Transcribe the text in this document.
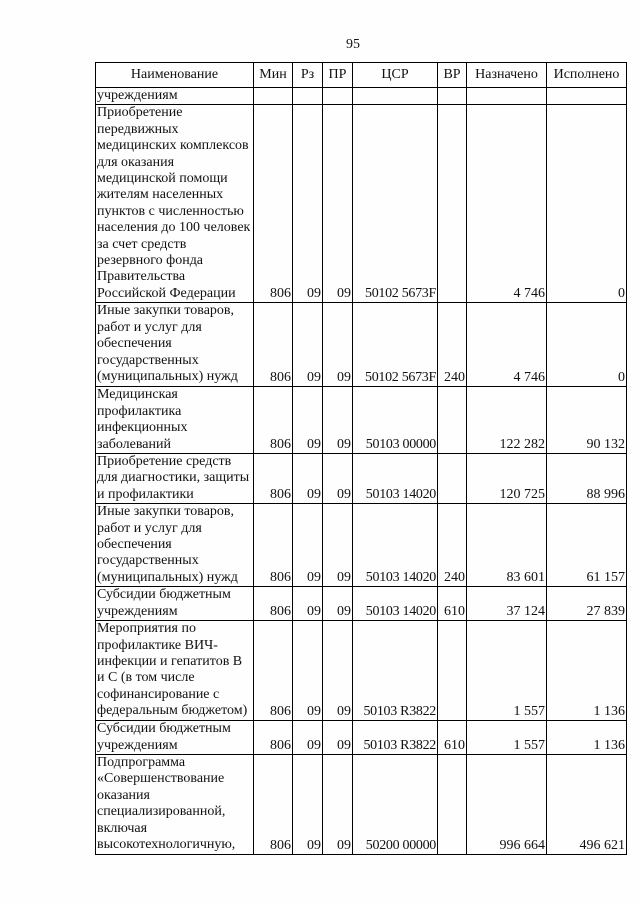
95
Наименование	Мин	Рз	ПР	ЦСР	ВР	Назначено	Исполнено
учреждениям							
Приобретение передвижных медицинских комплексов для оказания медицинской помощи жителям населенных пунктов с численностью населения до 100 человек за счет средств резервного фонда Правительства Российской Федерации	806	09	09	50102 5673F		4 746	0
Иные закупки товаров, работ и услуг для обеспечения государственных (муниципальных) нужд	806	09	09	50102 5673F	240	4 746	0
Медицинская профилактика инфекционных заболеваний	806	09	09	50103 00000		122 282	90 132
Приобретение средств для диагностики, защиты и профилактики	806	09	09	50103 14020		120 725	88 996
Иные закупки товаров, работ и услуг для обеспечения государственных (муниципальных) нужд	806	09	09	50103 14020	240	83 601	61 157
Субсидии бюджетным учреждениям	806	09	09	50103 14020	610	37 124	27 839
Мероприятия по профилактике ВИЧ-инфекции и гепатитов В и С (в том числе софинансирование с федеральным бюджетом)	806	09	09	50103 R3822		1 557	1 136
Субсидии бюджетным учреждениям	806	09	09	50103 R3822	610	1 557	1 136
Подпрограмма «Совершенствование оказания специализированной, включая высокотехнологичную,	806	09	09	50200 00000		996 664	496 621
